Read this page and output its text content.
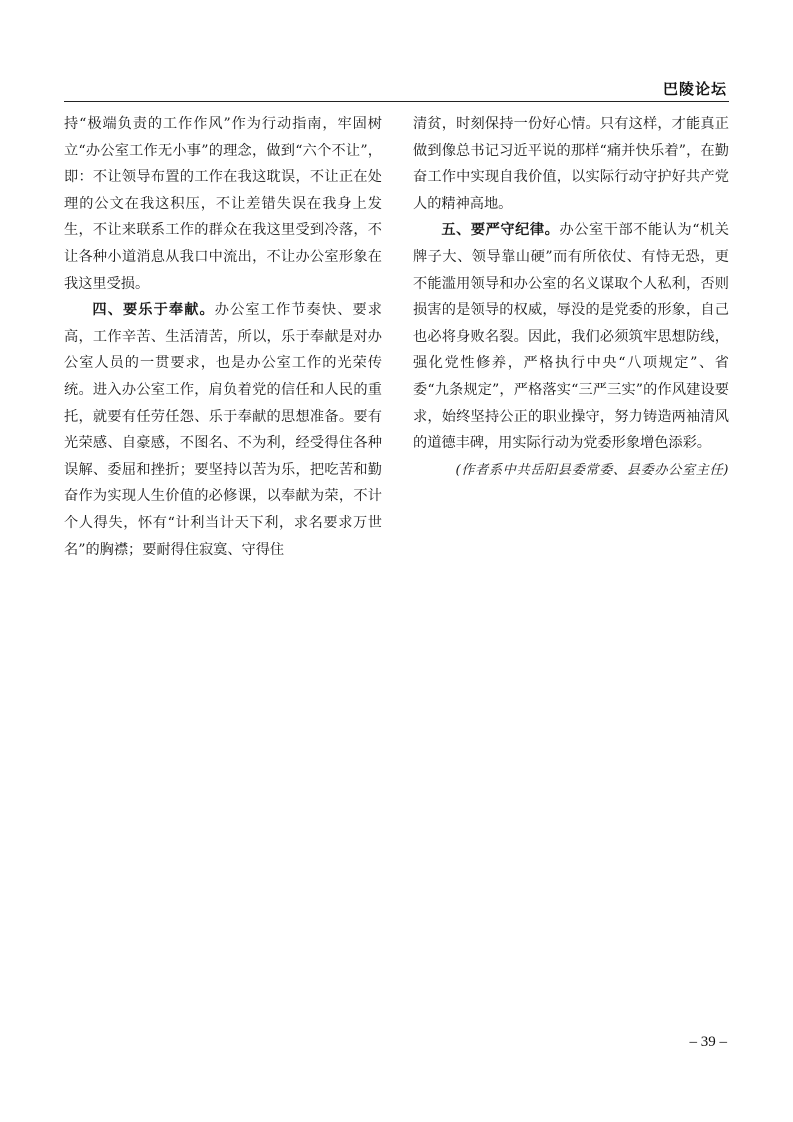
巴陵论坛

持“极端负责的工作作风”作为行动指南，牢固树立“办公室工作无小事”的理念，做到“六个不让”，即：不让领导布置的工作在我这耽误，不让正在处理的公文在我这积压，不让差错失误在我身上发生，不让来联系工作的群众在我这里受到冷落，不让各种小道消息从我口中流出，不让办公室形象在我这里受损。

四、要乐于奉献。办公室工作节奏快、要求高，工作辛苦、生活清苦，所以，乐于奉献是对办公室人员的一贯要求，也是办公室工作的光荣传统。进入办公室工作，肩负着党的信任和人民的重托，就要有任劳任怨、乐于奉献的思想准备。要有光荣感、自豪感，不图名、不为利，经受得住各种误解、委屈和挫折；要坚持以苦为乐，把吃苦和勤奋作为实现人生价值的必修课，以奉献为荣，不计个人得失，怀有“计利当计天下利，求名要求万世名”的胸襟；要耐得住寂寞、守得住

清贫，时刻保持一份好心情。只有这样，才能真正做到像总书记习近平说的那样“痛并快乐着”，在勤奋工作中实现自我价值，以实际行动守护好共产党人的精神高地。

五、要严守纪律。办公室干部不能认为“机关牌子大、领导靠山硬”而有所依仗、有恃无恐，更不能滥用领导和办公室的名义谋取个人私利，否则损害的是领导的权威，辱没的是党委的形象，自己也必将身败名裂。因此，我们必须筑牢思想防线，强化党性修养，严格执行中央“八项规定”、省委“九条规定”，严格落实“三严三实”的作风建设要求，始终坚持公正的职业操守，努力铸造两袖清风的道德丰碑，用实际行动为党委形象增色添彩。

(作者系中共岳阳县委常委、县委办公室主任)

– 39 –
